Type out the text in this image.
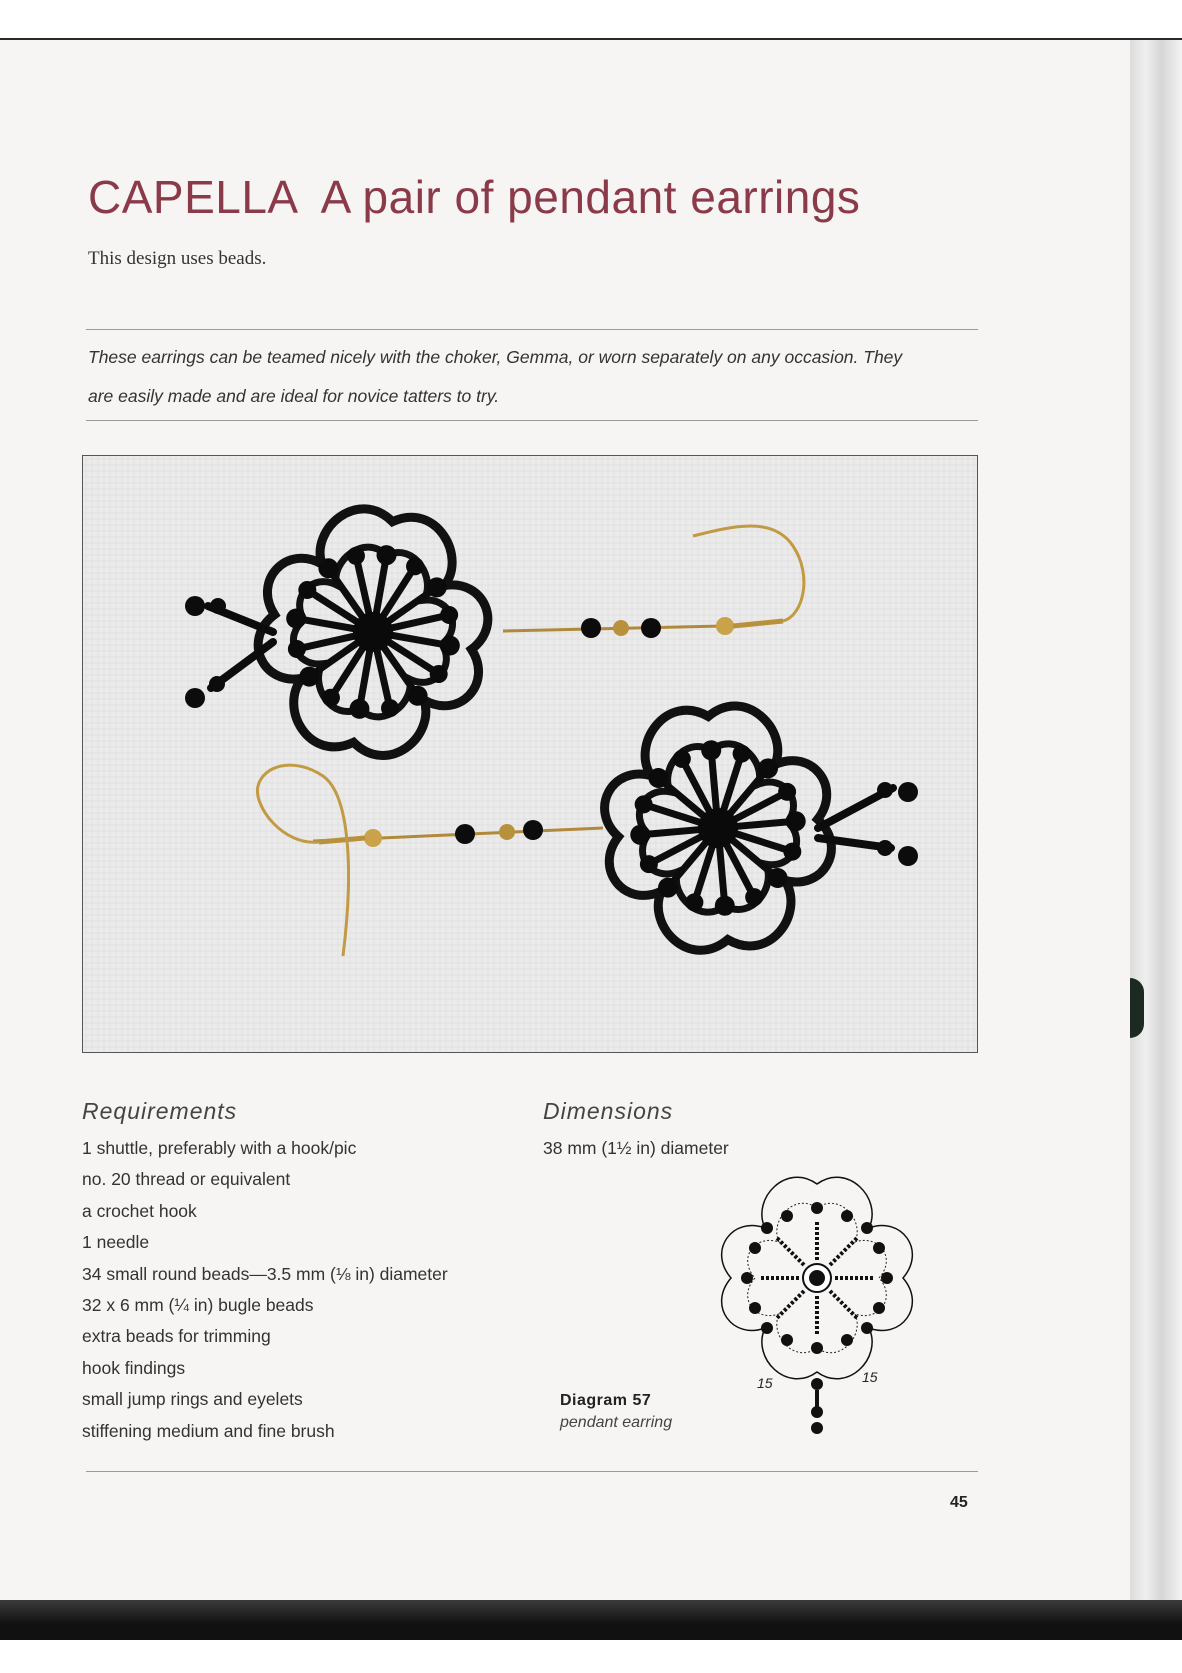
CAPELLA A pair of pendant earrings
This design uses beads.
These earrings can be teamed nicely with the choker, Gemma, or worn separately on any occasion. They
are easily made and are ideal for novice tatters to try.
Requirements
1 shuttle, preferably with a hook/pic
no. 20 thread or equivalent
a crochet hook
1 needle
34 small round beads—3.5 mm (⅛ in) diameter
32 x 6 mm (¼ in) bugle beads
extra beads for trimming
hook findings
small jump rings and eyelets
stiffening medium and fine brush
Dimensions
38 mm (1½ in) diameter
15	15
Diagram 57
pendant earring
45
